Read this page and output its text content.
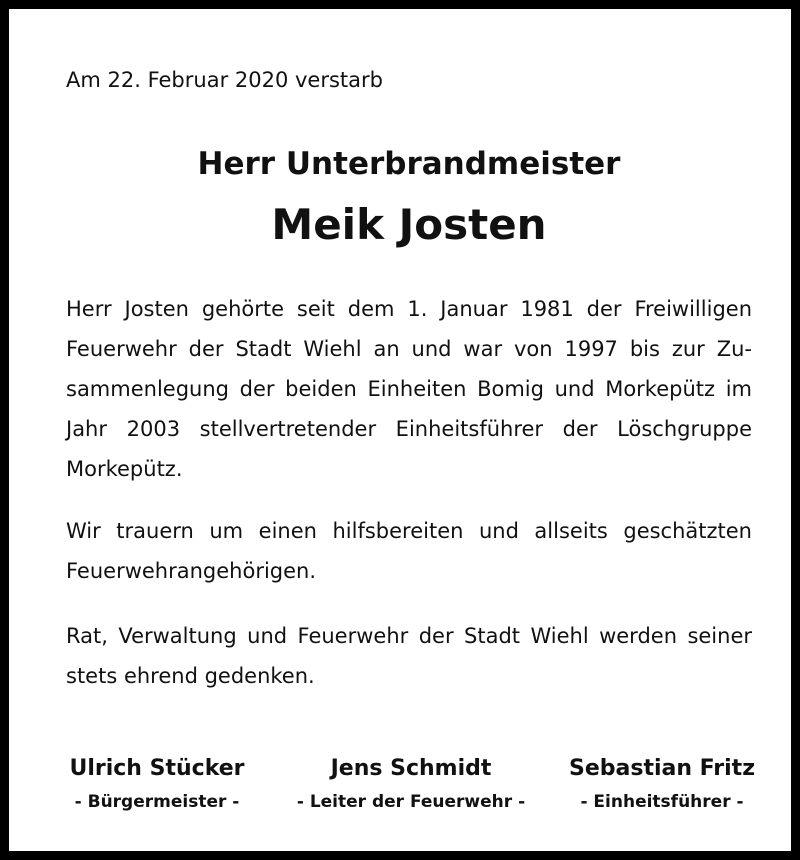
Am 22. Februar 2020 verstarb
Herr Unterbrandmeister
Meik Josten

Herr Josten gehörte seit dem 1. Januar 1981 der Freiwilligen Feuerwehr der Stadt Wiehl an und war von 1997 bis zur Zusammenlegung der beiden Einheiten Bomig und Morkepütz im Jahr 2003 stellvertretender Einheitsführer der Löschgruppe Morkepütz.

Wir trauern um einen hilfsbereiten und allseits geschätzten Feuerwehrangehörigen.

Rat, Verwaltung und Feuerwehr der Stadt Wiehl werden seiner stets ehrend gedenken.

Ulrich Stücker
- Bürgermeister -
Jens Schmidt
- Leiter der Feuerwehr -
Sebastian Fritz
- Einheitsführer -
